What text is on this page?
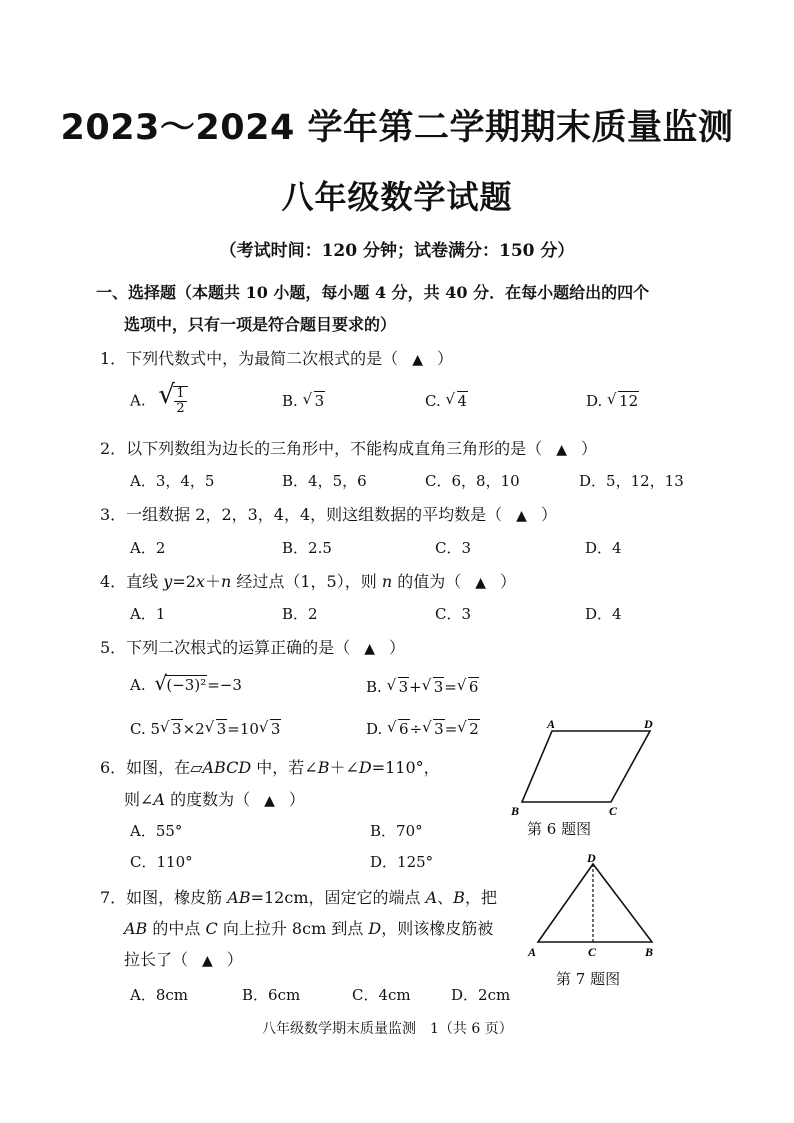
2023～2024 学年第二学期期末质量监测
八年级数学试题
（考试时间：120 分钟；试卷满分：150 分）
一、选择题（本题共 10 小题，每小题 4 分，共 40 分．在每小题给出的四个
选项中，只有一项是符合题目要求的）
1．下列代数式中，为最简二次根式的是（ ▲ ）
A. √ $\frac{1}{2}$	B. √ 3	C. √ 4	D. √ 12
2．以下列数组为边长的三角形中，不能构成直角三角形的是（ ▲ ）
A．3，4，5	B．4，5，6	C．6，8，10	D．5，12，13
3．一组数据 2，2，3，4，4，则这组数据的平均数是（ ▲ ）
A．2	B．2.5	C．3	D．4
4．直线 y=2x＋n 经过点（1，5），则 n 的值为（ ▲ ）
A．1	B．2	C．3	D．4
5．下列二次根式的运算正确的是（ ▲ ）
A. √ (−3)²=−3	B. √ 3+ √ 3= √ 6
C. 5 √ 3×2 √ 3=10 √ 3	D. √ 6÷ √ 3= √ 2
6．如图，在▱ABCD 中，若∠B＋∠D=110°，
则∠A 的度数为（ ▲ ）
A．55°	B．70°
C．110°	D．125°
A	D
B	C
第 6 题图
7．如图，橡皮筋 AB=12cm，固定它的端点 A、B，把
AB 的中点 C 向上拉升 8cm 到点 D，则该橡皮筋被
拉长了（ ▲ ）
A．8cm	B．6cm	C．4cm	D．2cm
D
A	C	B
第 7 题图
八年级数学期末质量监测　1（共 6 页）
